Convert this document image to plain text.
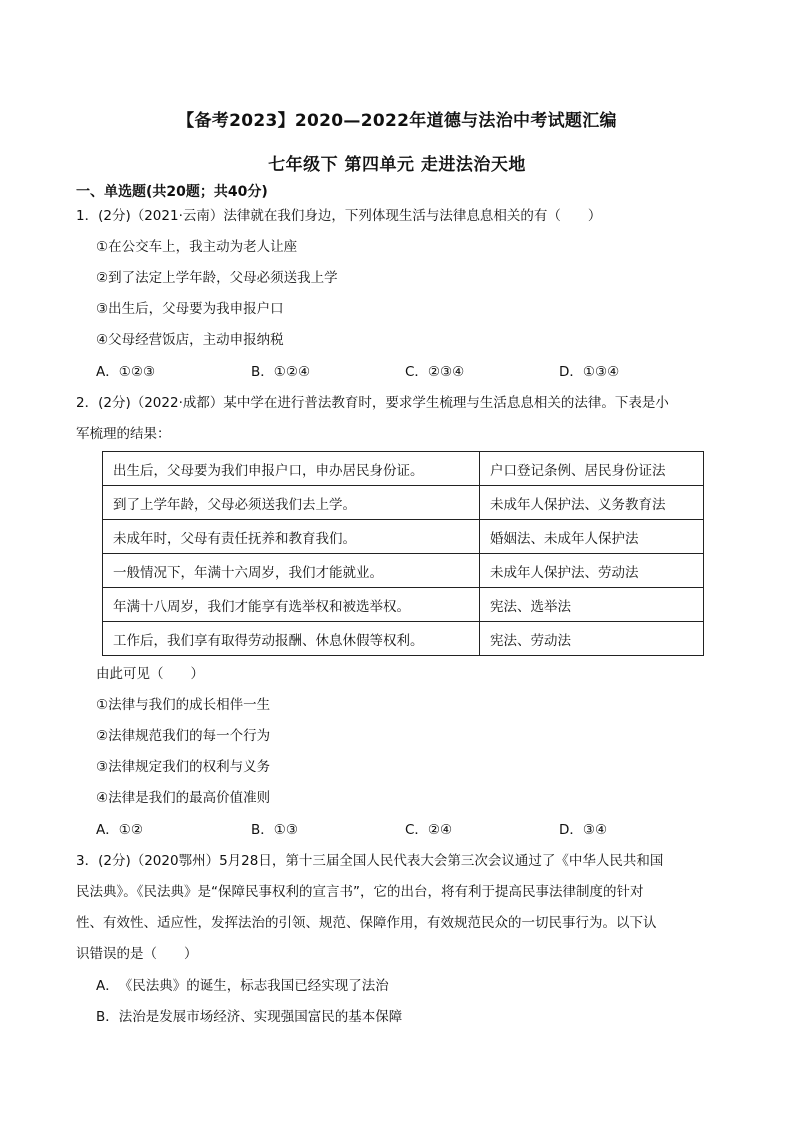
【备考2023】2020—2022年道德与法治中考试题汇编
七年级下 第四单元 走进法治天地
一、单选题(共20题；共40分)
1．(2分)（2021·云南）法律就在我们身边，下列体现生活与法律息息相关的有（　　）
①在公交车上，我主动为老人让座
②到了法定上学年龄，父母必须送我上学
③出生后，父母要为我申报户口
④父母经营饭店，主动申报纳税
A．①②③	B．①②④	C．②③④	D．①③④
2．(2分)（2022·成都）某中学在进行普法教育时，要求学生梳理与生活息息相关的法律。下表是小
军梳理的结果：
出生后，父母要为我们申报户口，申办居民身份证。	户口登记条例、居民身份证法
到了上学年龄，父母必须送我们去上学。	未成年人保护法、义务教育法
未成年时，父母有责任抚养和教育我们。	婚姻法、未成年人保护法
一般情况下，年满十六周岁，我们才能就业。	未成年人保护法、劳动法
年满十八周岁，我们才能享有选举权和被选举权。	宪法、选举法
工作后，我们享有取得劳动报酬、休息休假等权利。	宪法、劳动法
由此可见（　　）
①法律与我们的成长相伴一生
②法律规范我们的每一个行为
③法律规定我们的权利与义务
④法律是我们的最高价值准则
A．①②	B．①③	C．②④	D．③④
3．(2分)（2020鄂州）5月28日，第十三届全国人民代表大会第三次会议通过了《中华人民共和国
民法典》。《民法典》是“保障民事权利的宣言书”，它的出台，将有利于提高民事法律制度的针对
性、有效性、适应性，发挥法治的引领、规范、保障作用，有效规范民众的一切民事行为。以下认
识错误的是（　　）
A．　《民法典》的诞生，标志我国已经实现了法治
B．法治是发展市场经济、实现强国富民的基本保障
